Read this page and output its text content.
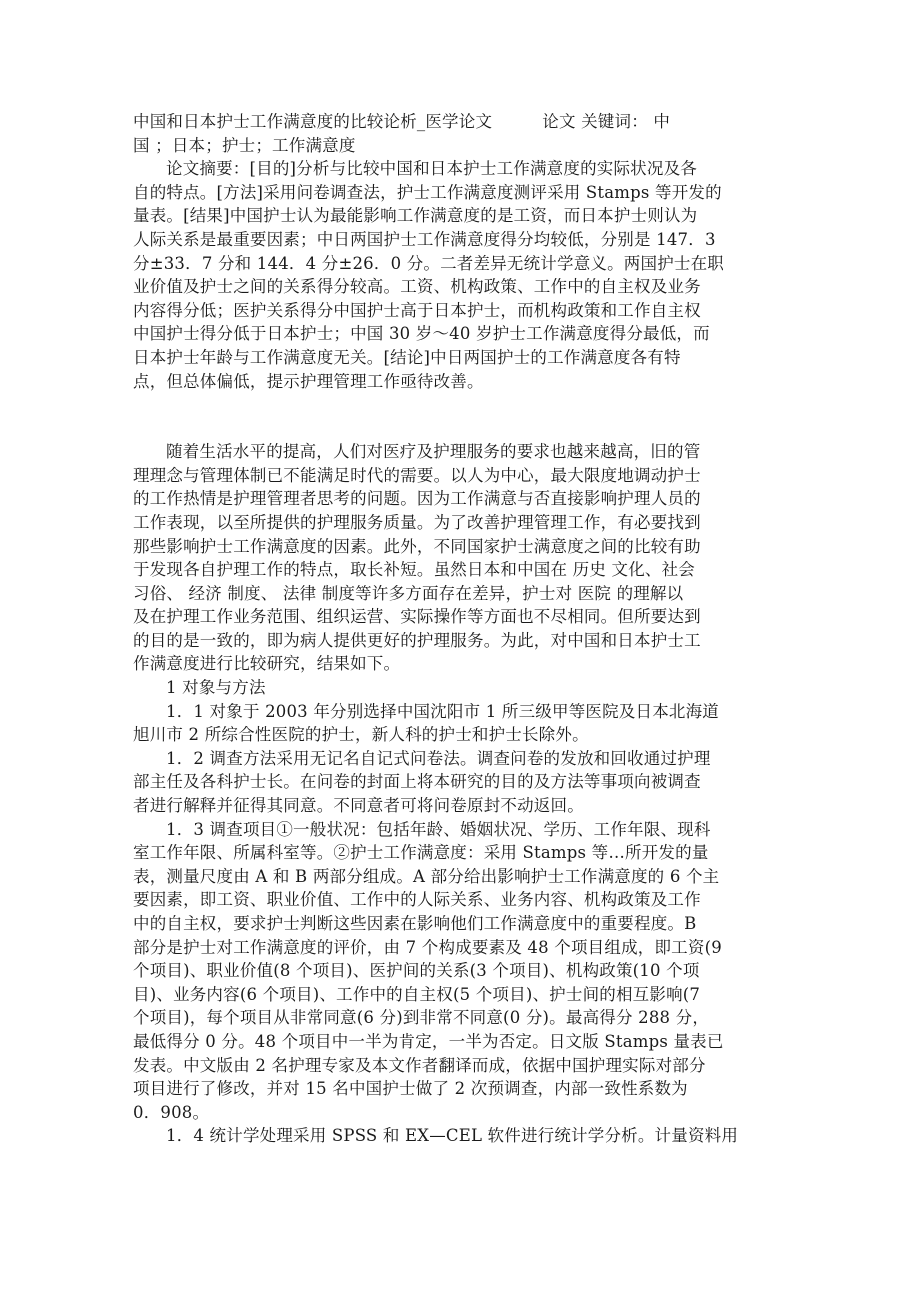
中国和日本护士工作满意度的比较论析_医学论文　　　论文 关键词： 中
国 ；日本；护士；工作满意度
论文摘要：[目的]分析与比较中国和日本护士工作满意度的实际状况及各
自的特点。[方法]采用问卷调查法，护士工作满意度测评采用 Stamps 等开发的
量表。[结果]中国护士认为最能影响工作满意度的是工资，而日本护士则认为
人际关系是最重要因素；中日两国护士工作满意度得分均较低，分别是 147．3
分±33．7 分和 144．4 分±26．0 分。二者差异无统计学意义。两国护士在职
业价值及护士之间的关系得分较高。工资、机构政策、工作中的自主权及业务
内容得分低；医护关系得分中国护士高于日本护士，而机构政策和工作自主权
中国护士得分低于日本护士；中国 30 岁～40 岁护士工作满意度得分最低，而
日本护士年龄与工作满意度无关。[结论]中日两国护士的工作满意度各有特
点，但总体偏低，提示护理管理工作亟待改善。
随着生活水平的提高，人们对医疗及护理服务的要求也越来越高，旧的管
理理念与管理体制已不能满足时代的需要。以人为中心，最大限度地调动护士
的工作热情是护理管理者思考的问题。因为工作满意与否直接影响护理人员的
工作表现，以至所提供的护理服务质量。为了改善护理管理工作，有必要找到
那些影响护士工作满意度的因素。此外，不同国家护士满意度之间的比较有助
于发现各自护理工作的特点，取长补短。虽然日本和中国在 历史 文化、社会
习俗、 经济 制度、 法律 制度等许多方面存在差异，护士对 医院 的理解以
及在护理工作业务范围、组织运营、实际操作等方面也不尽相同。但所要达到
的目的是一致的，即为病人提供更好的护理服务。为此，对中国和日本护士工
作满意度进行比较研究，结果如下。
1 对象与方法
1．1 对象于 2003 年分别选择中国沈阳市 1 所三级甲等医院及日本北海道
旭川市 2 所综合性医院的护士，新人科的护士和护士长除外。
1．2 调查方法采用无记名自记式问卷法。调查问卷的发放和回收通过护理
部主任及各科护士长。在问卷的封面上将本研究的目的及方法等事项向被调查
者进行解释并征得其同意。不同意者可将问卷原封不动返回。
1．3 调查项目①一般状况：包括年龄、婚姻状况、学历、工作年限、现科
室工作年限、所属科室等。②护士工作满意度：采用 Stamps 等…所开发的量
表，测量尺度由 A 和 B 两部分组成。A 部分给出影响护士工作满意度的 6 个主
要因素，即工资、职业价值、工作中的人际关系、业务内容、机构政策及工作
中的自主权，要求护士判断这些因素在影响他们工作满意度中的重要程度。B
部分是护士对工作满意度的评价，由 7 个构成要素及 48 个项目组成，即工资(9
个项目)、职业价值(8 个项目)、医护间的关系(3 个项目)、机构政策(10 个项
目)、业务内容(6 个项目)、工作中的自主权(5 个项目)、护士间的相互影响(7
个项目)，每个项目从非常同意(6 分)到非常不同意(0 分)。最高得分 288 分，
最低得分 0 分。48 个项目中一半为肯定，一半为否定。日文版 Stamps 量表已
发表。中文版由 2 名护理专家及本文作者翻译而成，依据中国护理实际对部分
项目进行了修改，并对 15 名中国护士做了 2 次预调查，内部一致性系数为
0．908。
1．4 统计学处理采用 SPSS 和 EX—CEL 软件进行统计学分析。计量资料用
